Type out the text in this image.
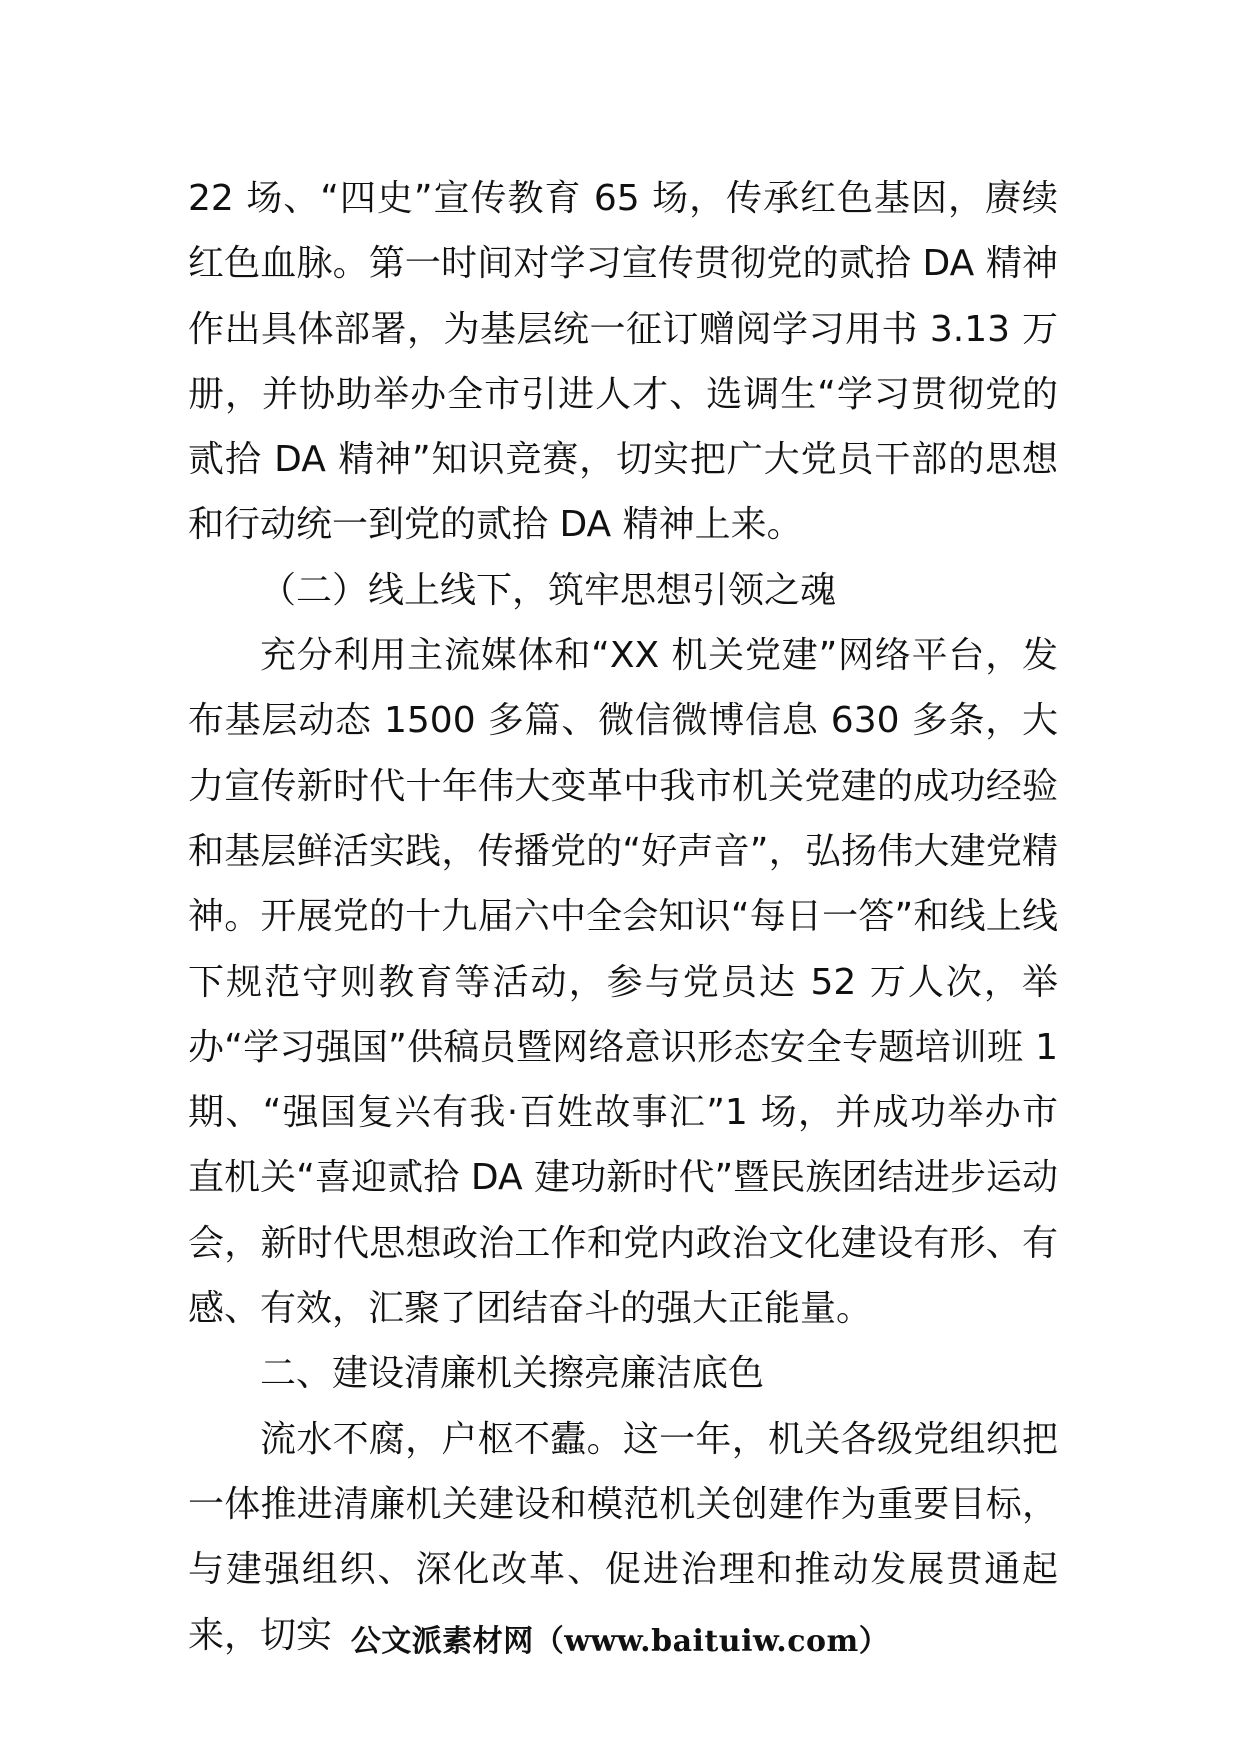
22 场、“四史”宣传教育 65 场，传承红色基因，赓续红色血脉。第一时间对学习宣传贯彻党的贰拾 DA 精神作出具体部署，为基层统一征订赠阅学习用书 3.13 万册，并协助举办全市引进人才、选调生“学习贯彻党的贰拾 DA 精神”知识竞赛，切实把广大党员干部的思想和行动统一到党的贰拾 DA 精神上来。

（二）线上线下，筑牢思想引领之魂

充分利用主流媒体和“XX 机关党建”网络平台，发布基层动态 1500 多篇、微信微博信息 630 多条，大力宣传新时代十年伟大变革中我市机关党建的成功经验和基层鲜活实践，传播党的“好声音”，弘扬伟大建党精神。开展党的十九届六中全会知识“每日一答”和线上线下规范守则教育等活动，参与党员达 52 万人次，举办“学习强国”供稿员暨网络意识形态安全专题培训班 1 期、“强国复兴有我·百姓故事汇”1 场，并成功举办市直机关“喜迎贰拾 DA 建功新时代”暨民族团结进步运动会，新时代思想政治工作和党内政治文化建设有形、有感、有效，汇聚了团结奋斗的强大正能量。

二、建设清廉机关擦亮廉洁底色

流水不腐，户枢不蠹。这一年，机关各级党组织把一体推进清廉机关建设和模范机关创建作为重要目标，与建强组织、深化改革、促进治理和推动发展贯通起来，切实 公文派素材网（www.baituiw.com）
